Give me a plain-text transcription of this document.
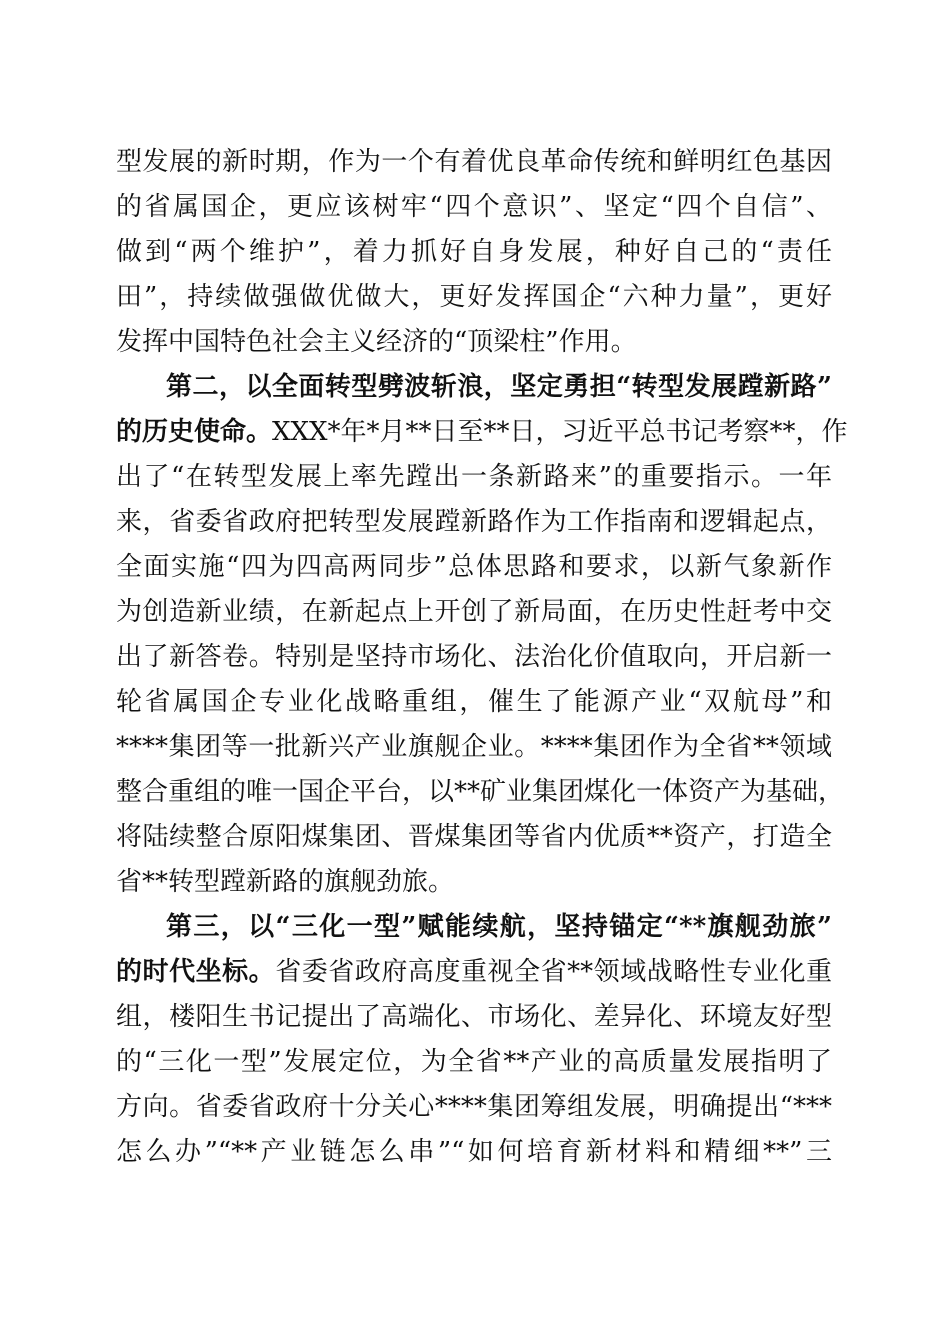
型发展的新时期，作为一个有着优良革命传统和鲜明红色基因
的省属国企，更应该树牢“四个意识”、坚定“四个自信”、
做到“两个维护”，着力抓好自身发展，种好自己的“责任
田”，持续做强做优做大，更好发挥国企“六种力量”，更好
发挥中国特色社会主义经济的“顶梁柱”作用。
第二，以全面转型劈波斩浪，坚定勇担“转型发展蹚新路”
的历史使命。XXX*年*月**日至**日，习近平总书记考察**，作
出了“在转型发展上率先蹚出一条新路来”的重要指示。一年
来，省委省政府把转型发展蹚新路作为工作指南和逻辑起点，
全面实施“四为四高两同步”总体思路和要求，以新气象新作
为创造新业绩，在新起点上开创了新局面，在历史性赶考中交
出了新答卷。特别是坚持市场化、法治化价值取向，开启新一
轮省属国企专业化战略重组，催生了能源产业“双航母”和
****集团等一批新兴产业旗舰企业。****集团作为全省**领域
整合重组的唯一国企平台，以**矿业集团煤化一体资产为基础，
将陆续整合原阳煤集团、晋煤集团等省内优质**资产，打造全
省**转型蹚新路的旗舰劲旅。
第三，以“三化一型”赋能续航，坚持锚定“**旗舰劲旅”
的时代坐标。省委省政府高度重视全省**领域战略性专业化重
组，楼阳生书记提出了高端化、市场化、差异化、环境友好型
的“三化一型”发展定位，为全省**产业的高质量发展指明了
方向。省委省政府十分关心****集团筹组发展，明确提出“***
怎么办”“**产业链怎么串”“如何培育新材料和精细**”三
